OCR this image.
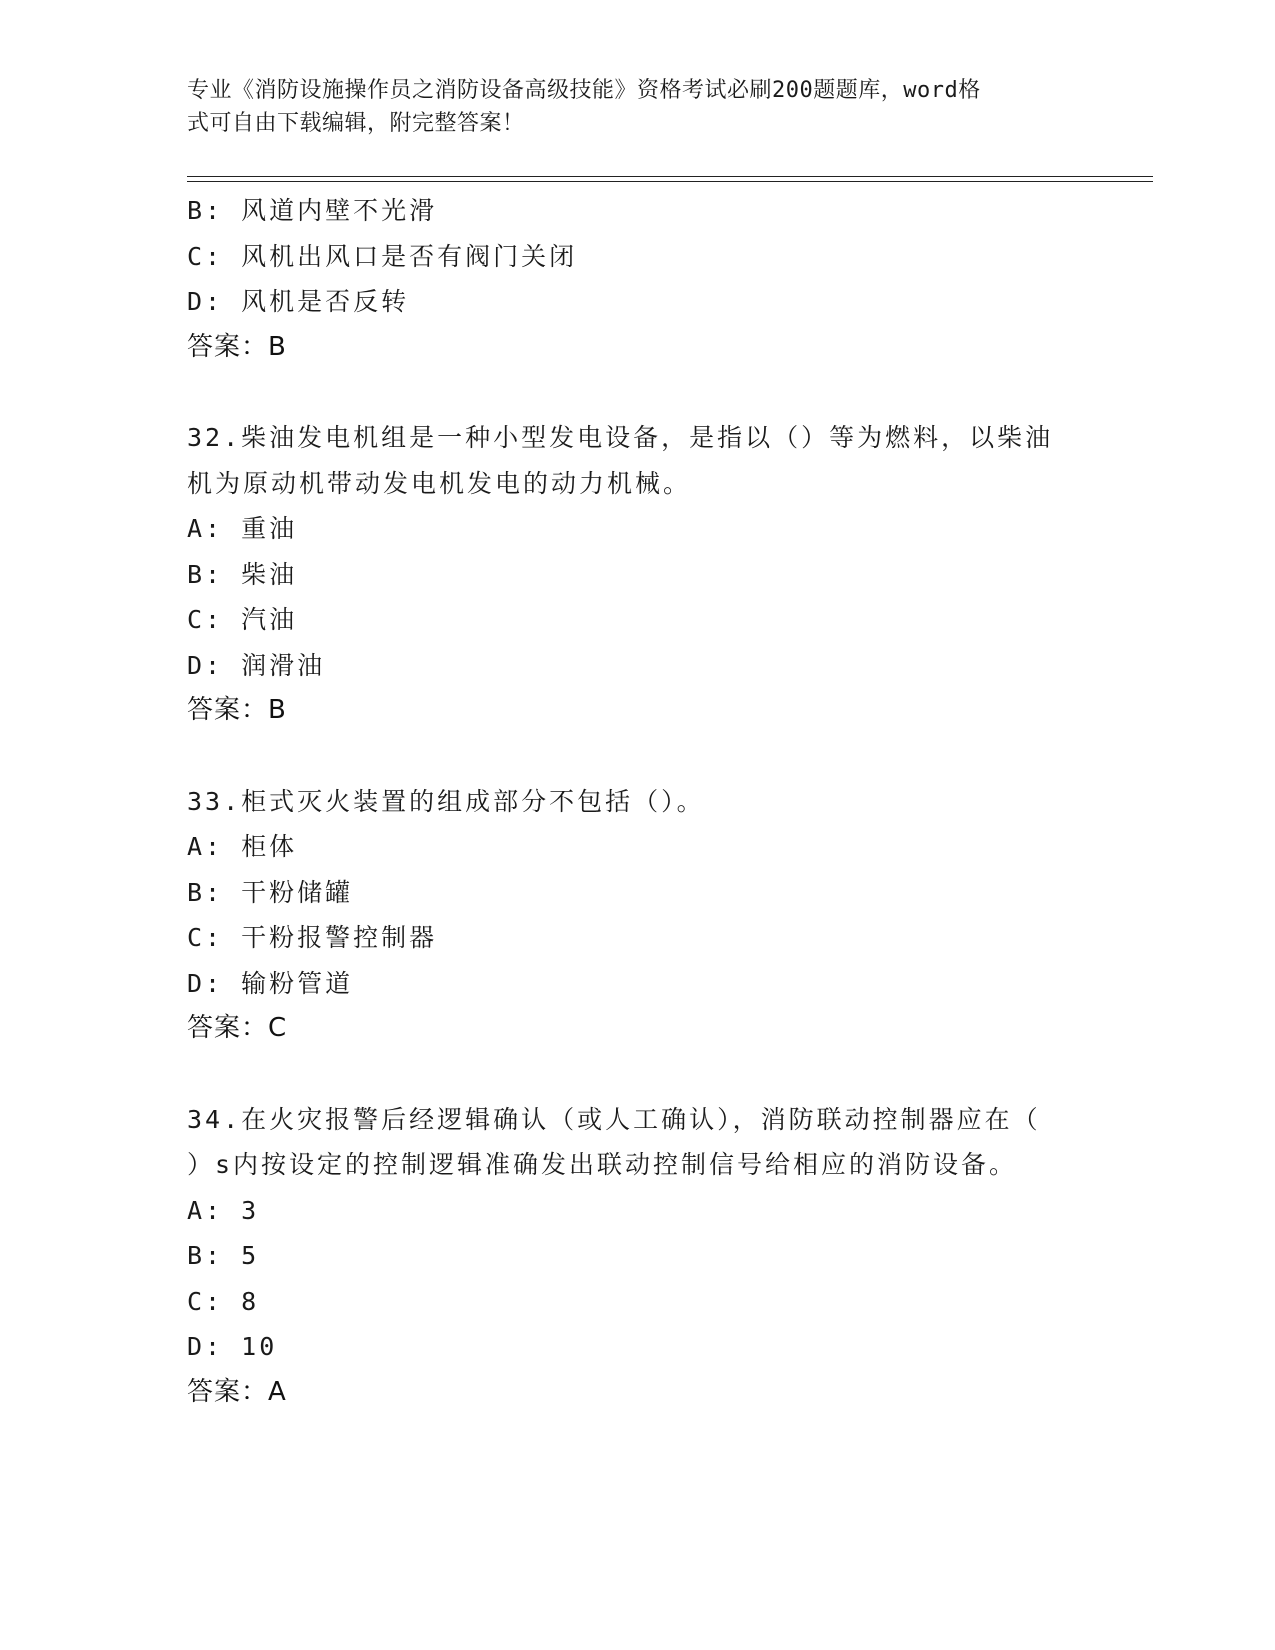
专业《消防设施操作员之消防设备高级技能》资格考试必刷200题题库，word格
式可自由下载编辑，附完整答案！
B: 风道内壁不光滑
C: 风机出风口是否有阀门关闭
D: 风机是否反转
答案：B
32.柴油发电机组是一种小型发电设备，是指以（）等为燃料，以柴油
机为原动机带动发电机发电的动力机械。
A: 重油
B: 柴油
C: 汽油
D: 润滑油
答案：B
33.柜式灭火装置的组成部分不包括（）。
A: 柜体
B: 干粉储罐
C: 干粉报警控制器
D: 输粉管道
答案：C
34.在火灾报警后经逻辑确认（或人工确认），消防联动控制器应在（
）s内按设定的控制逻辑准确发出联动控制信号给相应的消防设备。
A: 3
B: 5
C: 8
D: 10
答案：A
